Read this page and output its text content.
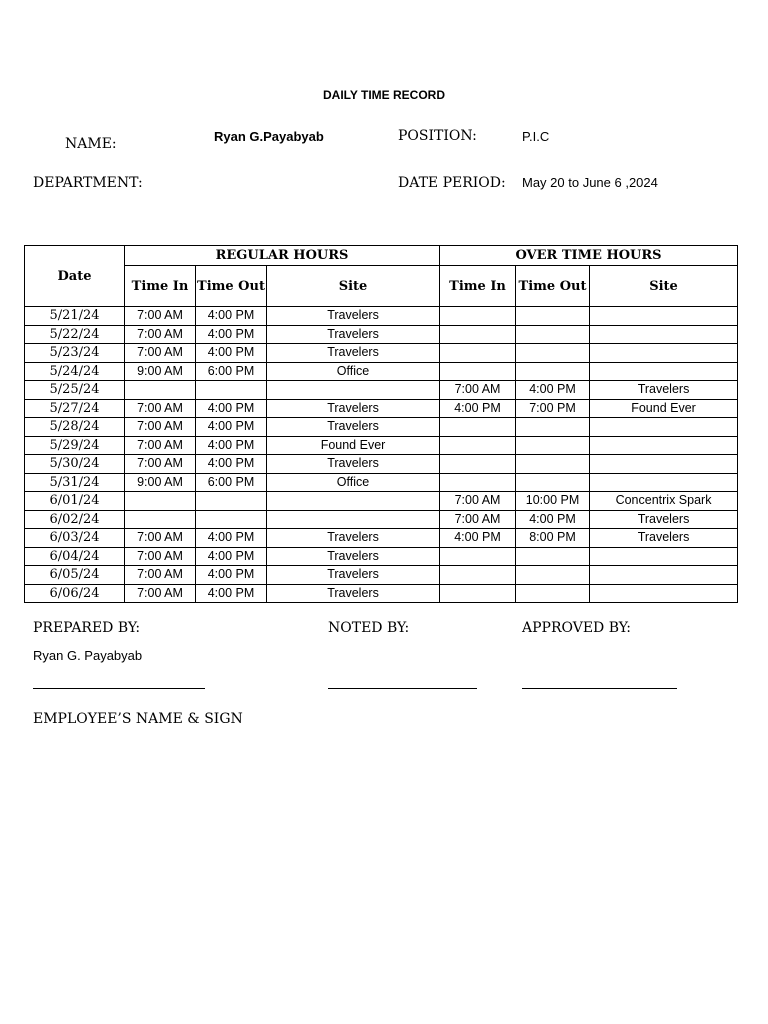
DAILY TIME RECORD
NAME:	Ryan G.Payabyab	POSITION:	P.I.C
DEPARTMENT:	DATE PERIOD: May 20 to June 6 ,2024
Date	REGULAR HOURS			OVER TIME HOURS		
	Time In	Time Out	Site	Time In	Time Out	Site
5/21/24	7:00 AM	4:00 PM	Travelers			
5/22/24	7:00 AM	4:00 PM	Travelers			
5/23/24	7:00 AM	4:00 PM	Travelers			
5/24/24	9:00 AM	6:00 PM	Office			
5/25/24				7:00 AM	4:00 PM	Travelers
5/27/24	7:00 AM	4:00 PM	Travelers	4:00 PM	7:00 PM	Found Ever
5/28/24	7:00 AM	4:00 PM	Travelers			
5/29/24	7:00 AM	4:00 PM	Found Ever			
5/30/24	7:00 AM	4:00 PM	Travelers			
5/31/24	9:00 AM	6:00 PM	Office			
6/01/24				7:00 AM	10:00 PM	Concentrix Spark
6/02/24				7:00 AM	4:00 PM	Travelers
6/03/24	7:00 AM	4:00 PM	Travelers	4:00 PM	8:00 PM	Travelers
6/04/24	7:00 AM	4:00 PM	Travelers			
6/05/24	7:00 AM	4:00 PM	Travelers			
6/06/24	7:00 AM	4:00 PM	Travelers			
PREPARED BY:	NOTED BY:	APPROVED BY:
Ryan G. Payabyab
EMPLOYEE’S NAME & SIGN
